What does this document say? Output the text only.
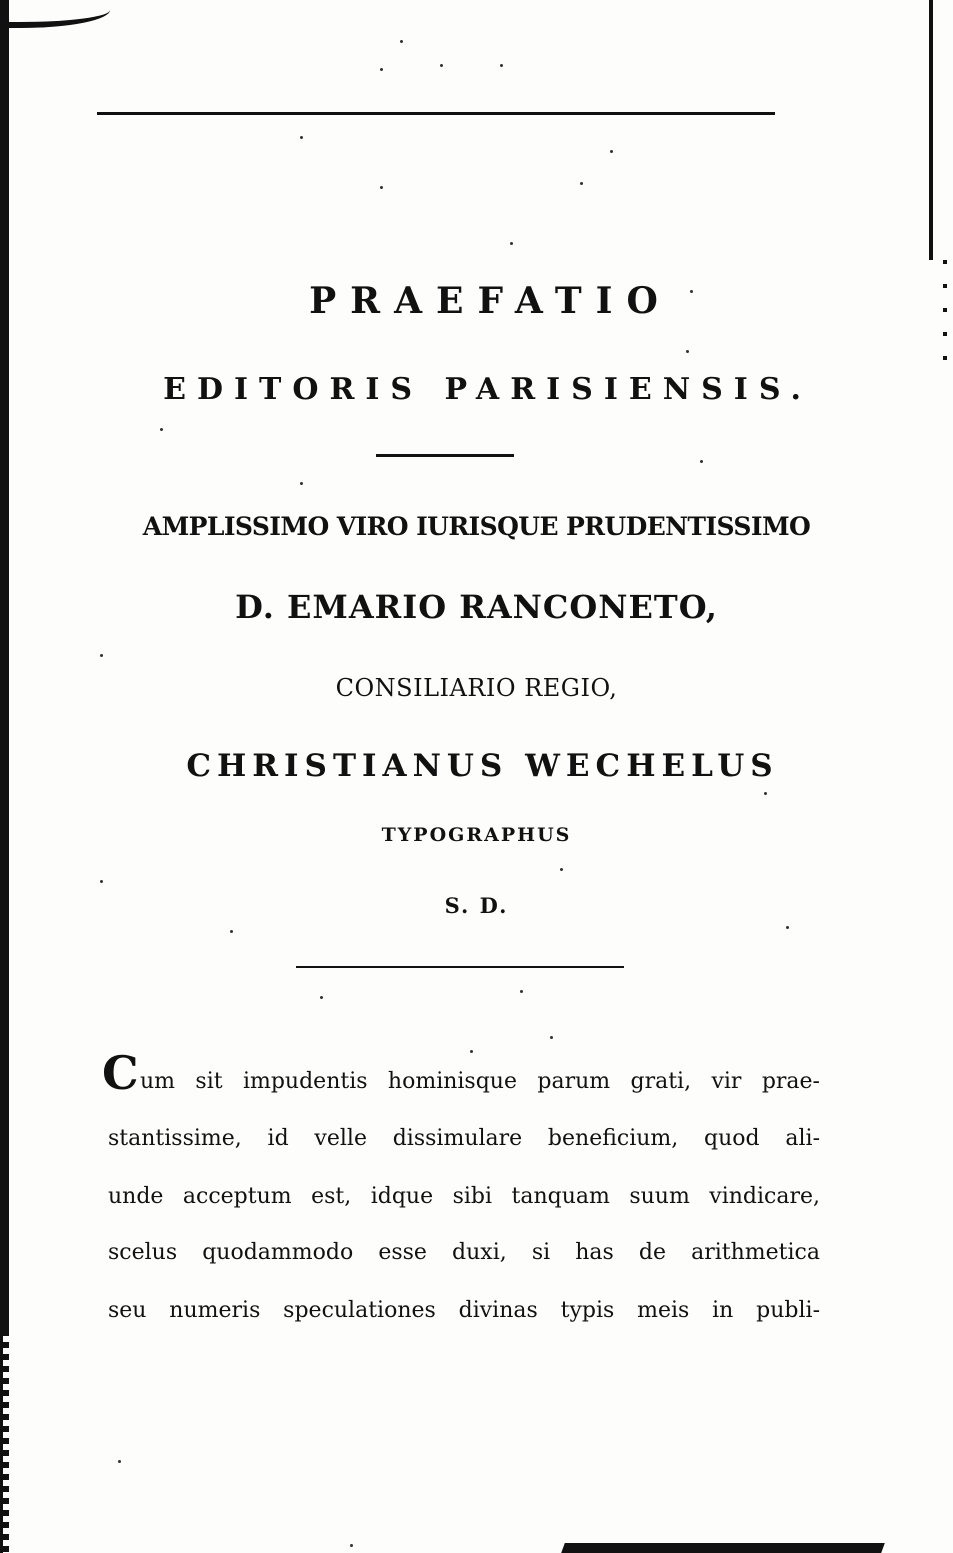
PRAEFATIO
EDITORIS PARISIENSIS.
AMPLISSIMO VIRO IURISQUE PRUDENTISSIMO
D. EMARIO RANCONETO,
CONSILIARIO REGIO,
CHRISTIANUS WECHELUS
TYPOGRAPHUS
S. D.
C um sit impudentis hominisque parum grati, vir prae-
stantissime, id velle dissimulare beneficium, quod ali-
unde acceptum est, idque sibi tanquam suum vindicare,
scelus quodammodo esse duxi, si has de arithmetica
seu numeris speculationes divinas typis meis in publi-
